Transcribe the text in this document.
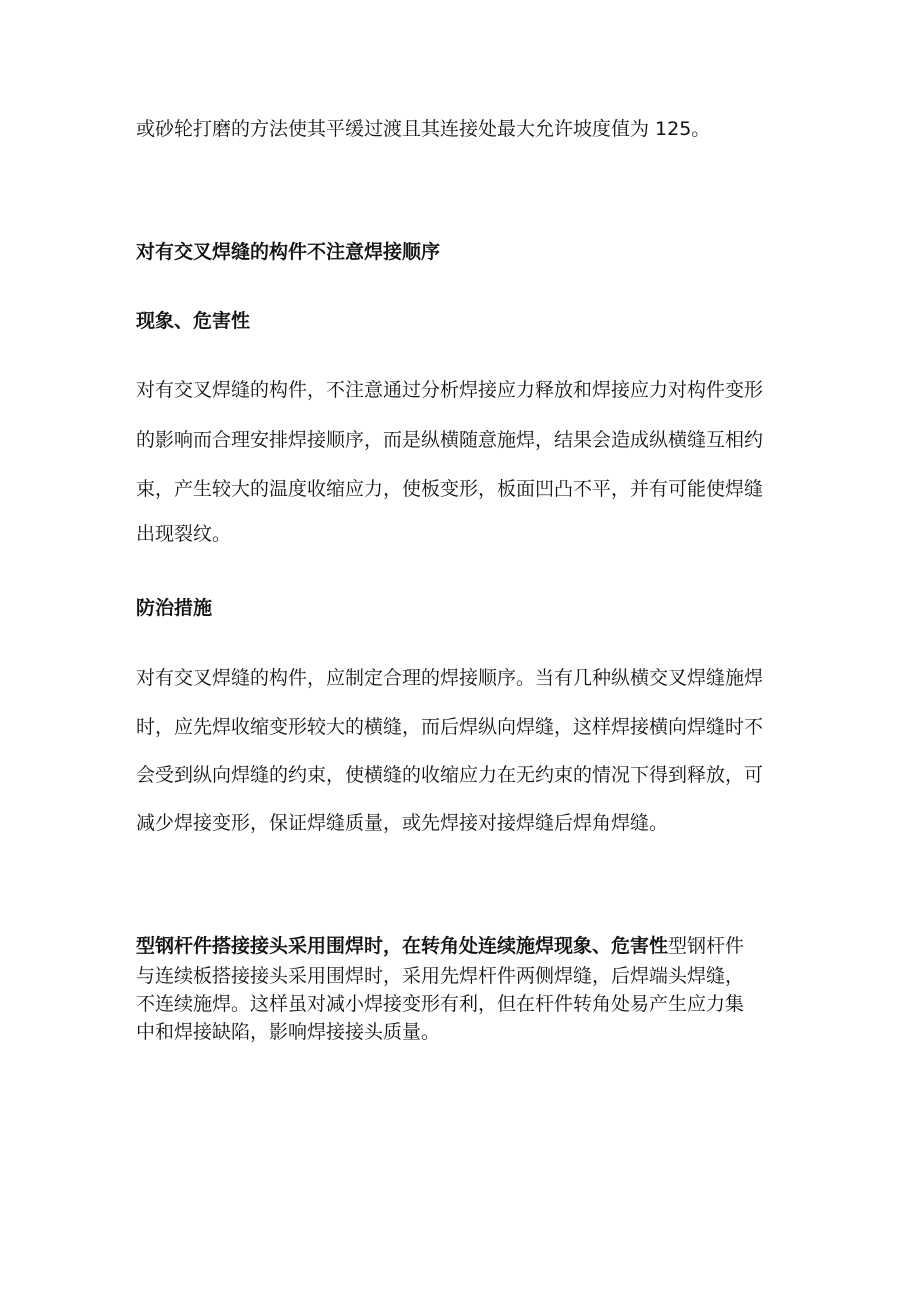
或砂轮打磨的方法使其平缓过渡且其连接处最大允许坡度值为 125。
对有交叉焊缝的构件不注意焊接顺序
现象、危害性
对有交叉焊缝的构件，不注意通过分析焊接应力释放和焊接应力对构件变形
的影响而合理安排焊接顺序，而是纵横随意施焊，结果会造成纵横缝互相约
束，产生较大的温度收缩应力，使板变形，板面凹凸不平，并有可能使焊缝
出现裂纹。
防治措施
对有交叉焊缝的构件，应制定合理的焊接顺序。当有几种纵横交叉焊缝施焊
时，应先焊收缩变形较大的横缝，而后焊纵向焊缝，这样焊接横向焊缝时不
会受到纵向焊缝的约束，使横缝的收缩应力在无约束的情况下得到释放，可
减少焊接变形，保证焊缝质量，或先焊接对接焊缝后焊角焊缝。
型钢杆件搭接接头采用围焊时，在转角处连续施焊现象、危害性型钢杆件
与连续板搭接接头采用围焊时，采用先焊杆件两侧焊缝，后焊端头焊缝，
不连续施焊。这样虽对减小焊接变形有利，但在杆件转角处易产生应力集
中和焊接缺陷，影响焊接接头质量。
